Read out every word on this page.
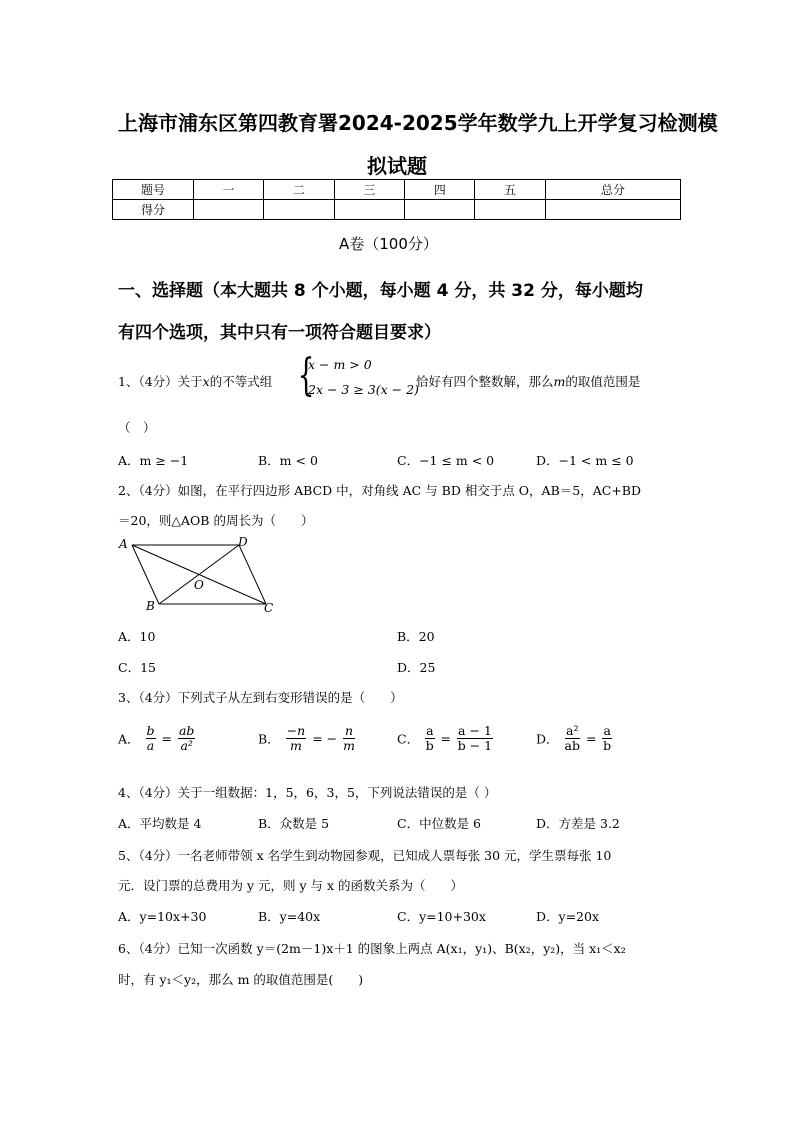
上海市浦东区第四教育署2024-2025学年数学九上开学复习检测模
拟试题
题号	一	二	三	四	五	总分
得分						
A卷（100分）
一、选择题（本大题共 8 个小题，每小题 4 分，共 32 分，每小题均
有四个选项，其中只有一项符合题目要求）
1、（4分）关于x的不等式组 {
x − m > 0
2x − 3 ≥ 3(x − 2)
恰好有四个整数解，那么m的取值范围是
（　）
A．m ≥ −1	B．m < 0	C．−1 ≤ m < 0	D．−1 < m ≤ 0
2、（4分）如图，在平行四边形 ABCD 中，对角线 AC 与 BD 相交于点 O，AB＝5，AC+BD
＝20，则△AOB 的周长为（　　）
A	D
O
B	C
A．10	B．20
C．15	D．25
3、（4分）下列式子从左到右变形错误的是（　　）
A． $\frac{b}{a} = \frac{ab}{\text{a²}}$	B． $\frac{-n}{m}$ = − $\frac{n}{m}$	C． $\frac{a}{b} = \frac{a - 1}{b - 1}$	D． $\frac{\text{a²}}{ab} = \frac{a}{b}$
4、（4分）关于一组数据：1，5，6，3，5，下列说法错误的是（ ）
A．平均数是 4	B．众数是 5	C．中位数是 6	D．方差是 3.2
5、（4分）一名老师带领 x 名学生到动物园参观，已知成人票每张 30 元，学生票每张 10
元．设门票的总费用为 y 元，则 y 与 x 的函数关系为（　　）
A．y=10x+30	B．y=40x	C．y=10+30x	D．y=20x
6、（4分）已知一次函数 y＝(2m－1)x＋1 的图象上两点 A(x₁，y₁)、B(x₂，y₂)，当 x₁＜x₂
时，有 y₁＜y₂，那么 m 的取值范围是(　　)
